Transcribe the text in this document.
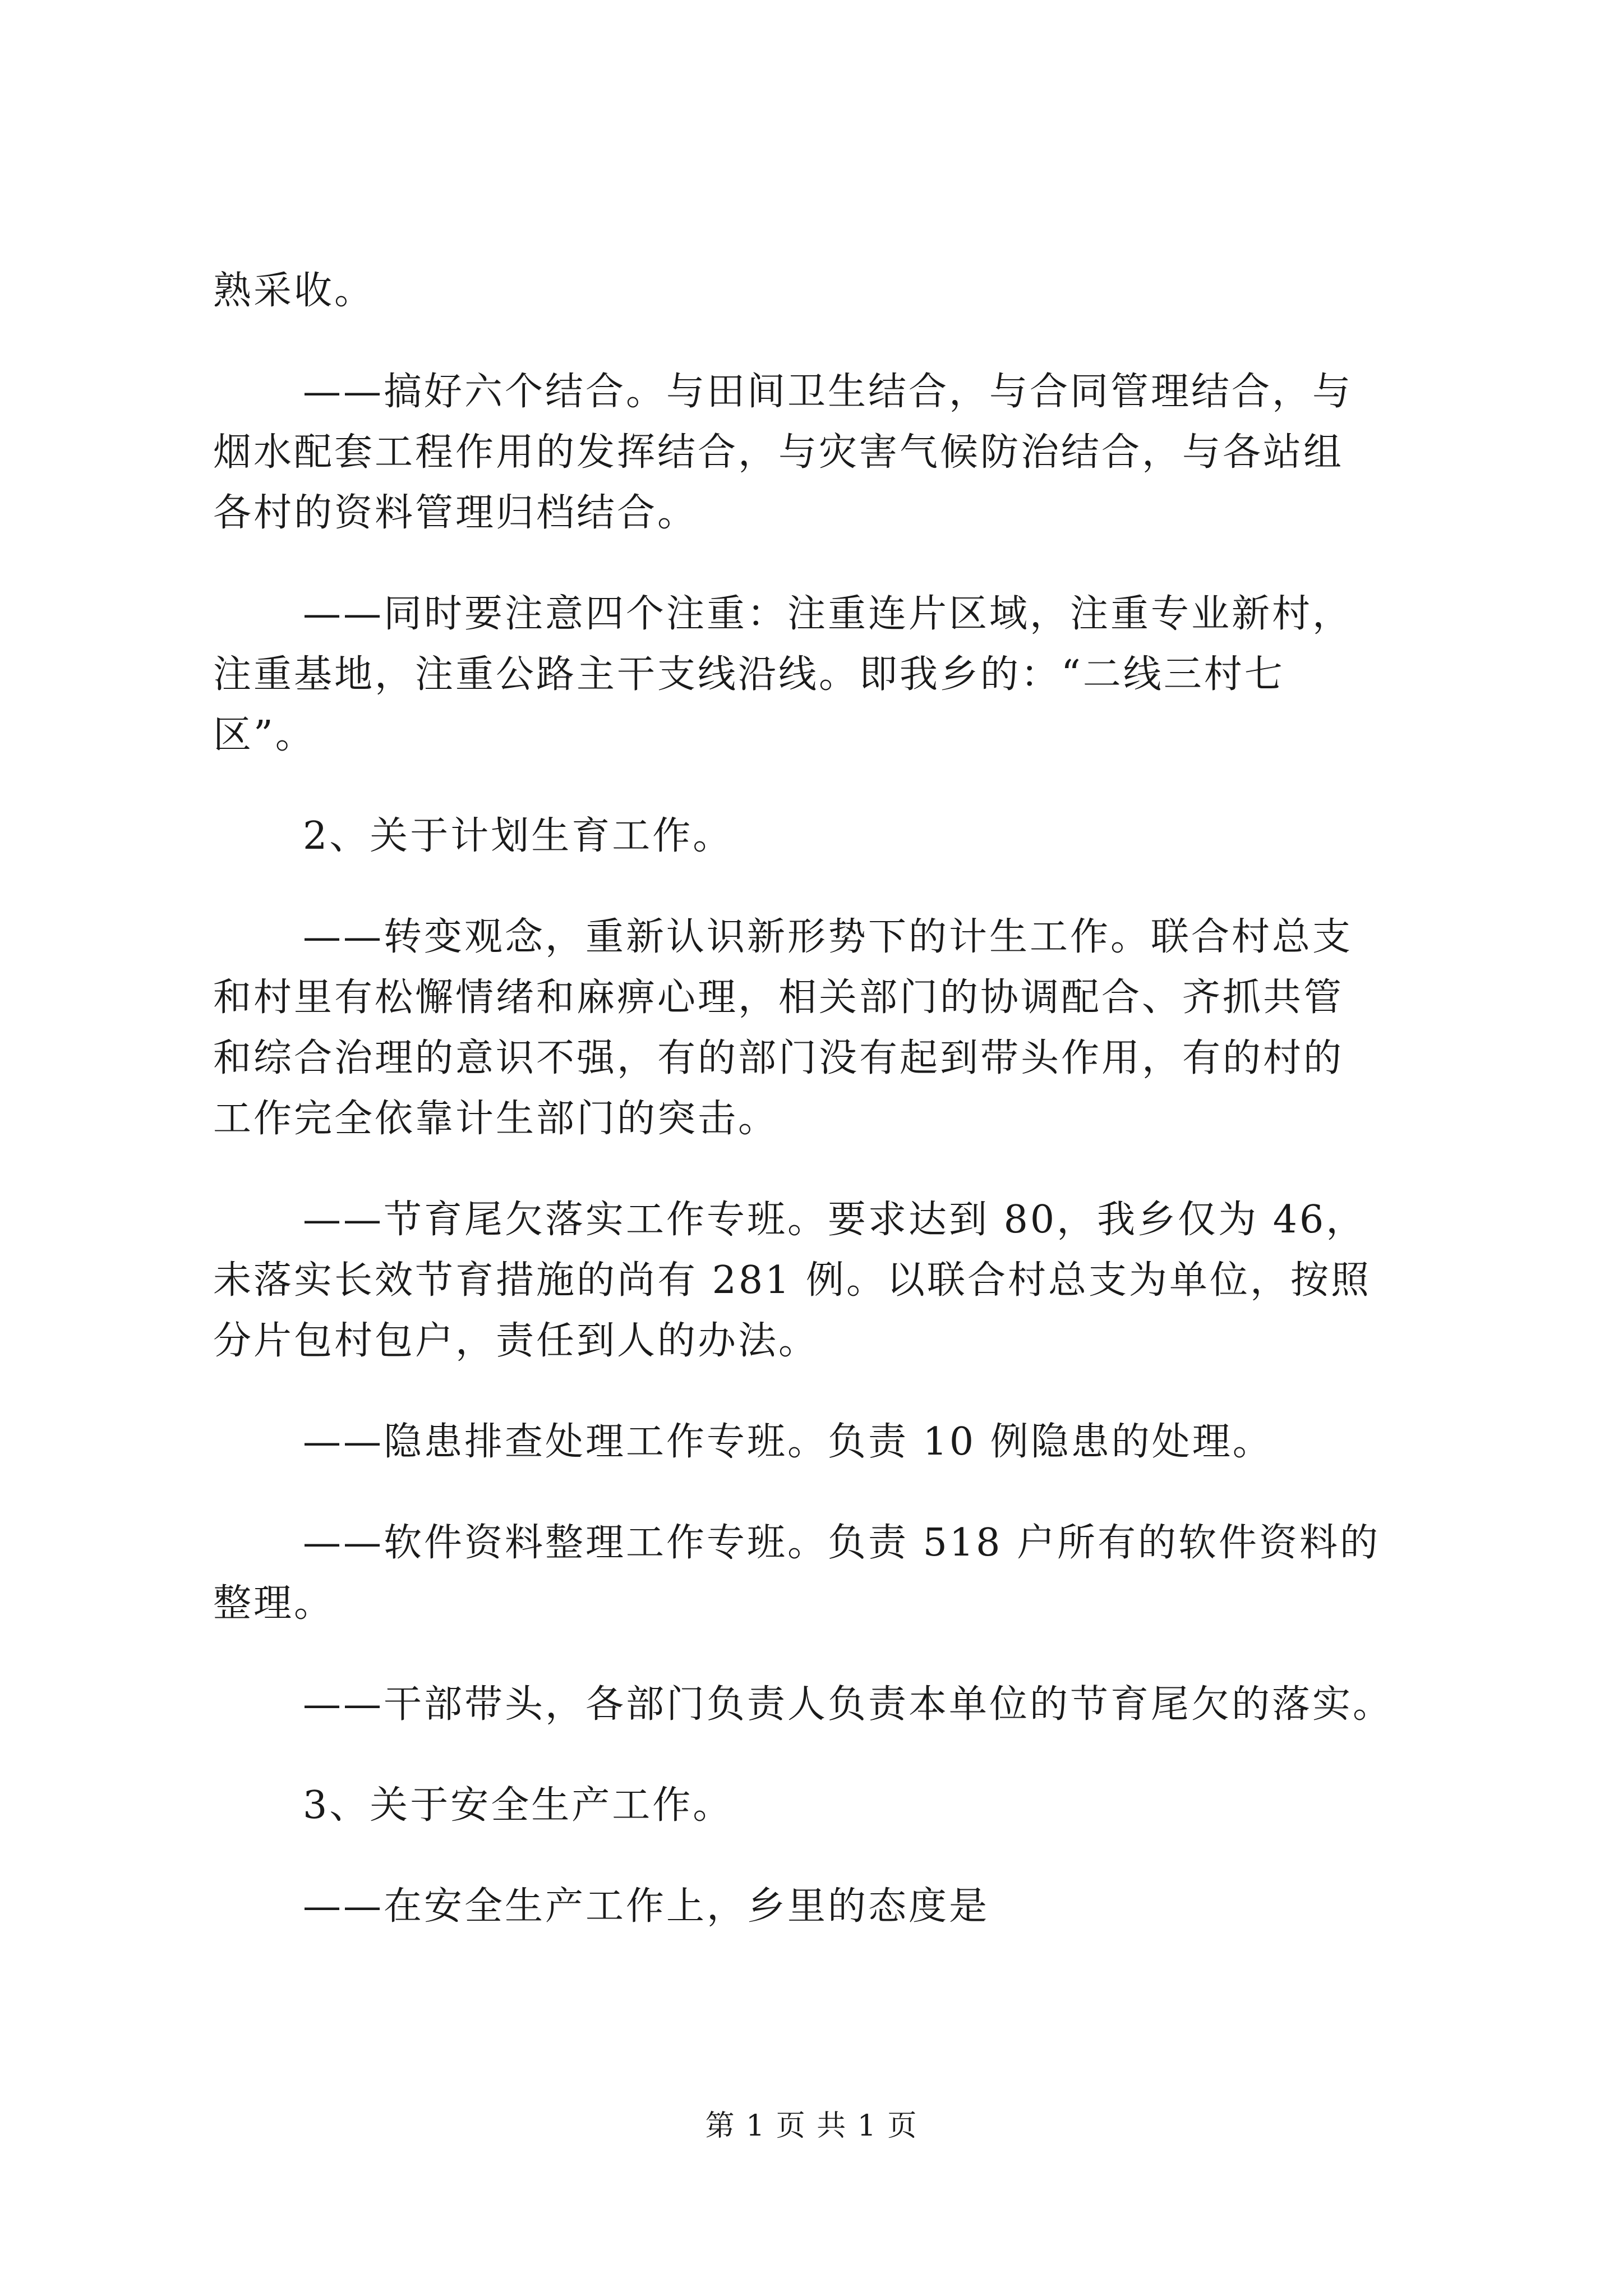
熟采收。
——搞好六个结合。与田间卫生结合，与合同管理结合，与
烟水配套工程作用的发挥结合，与灾害气候防治结合，与各站组
各村的资料管理归档结合。
——同时要注意四个注重：注重连片区域，注重专业新村，
注重基地，注重公路主干支线沿线。即我乡的：“二线三村七
区”。
2、关于计划生育工作。
——转变观念，重新认识新形势下的计生工作。联合村总支
和村里有松懈情绪和麻痹心理，相关部门的协调配合、齐抓共管
和综合治理的意识不强，有的部门没有起到带头作用，有的村的
工作完全依靠计生部门的突击。
——节育尾欠落实工作专班。要求达到 80，我乡仅为 46，
未落实长效节育措施的尚有 281 例。以联合村总支为单位，按照
分片包村包户，责任到人的办法。
——隐患排查处理工作专班。负责 10 例隐患的处理。
——软件资料整理工作专班。负责 518 户所有的软件资料的
整理。
——干部带头，各部门负责人负责本单位的节育尾欠的落实。
3、关于安全生产工作。
——在安全生产工作上，乡里的态度是
第 1 页 共 1 页
